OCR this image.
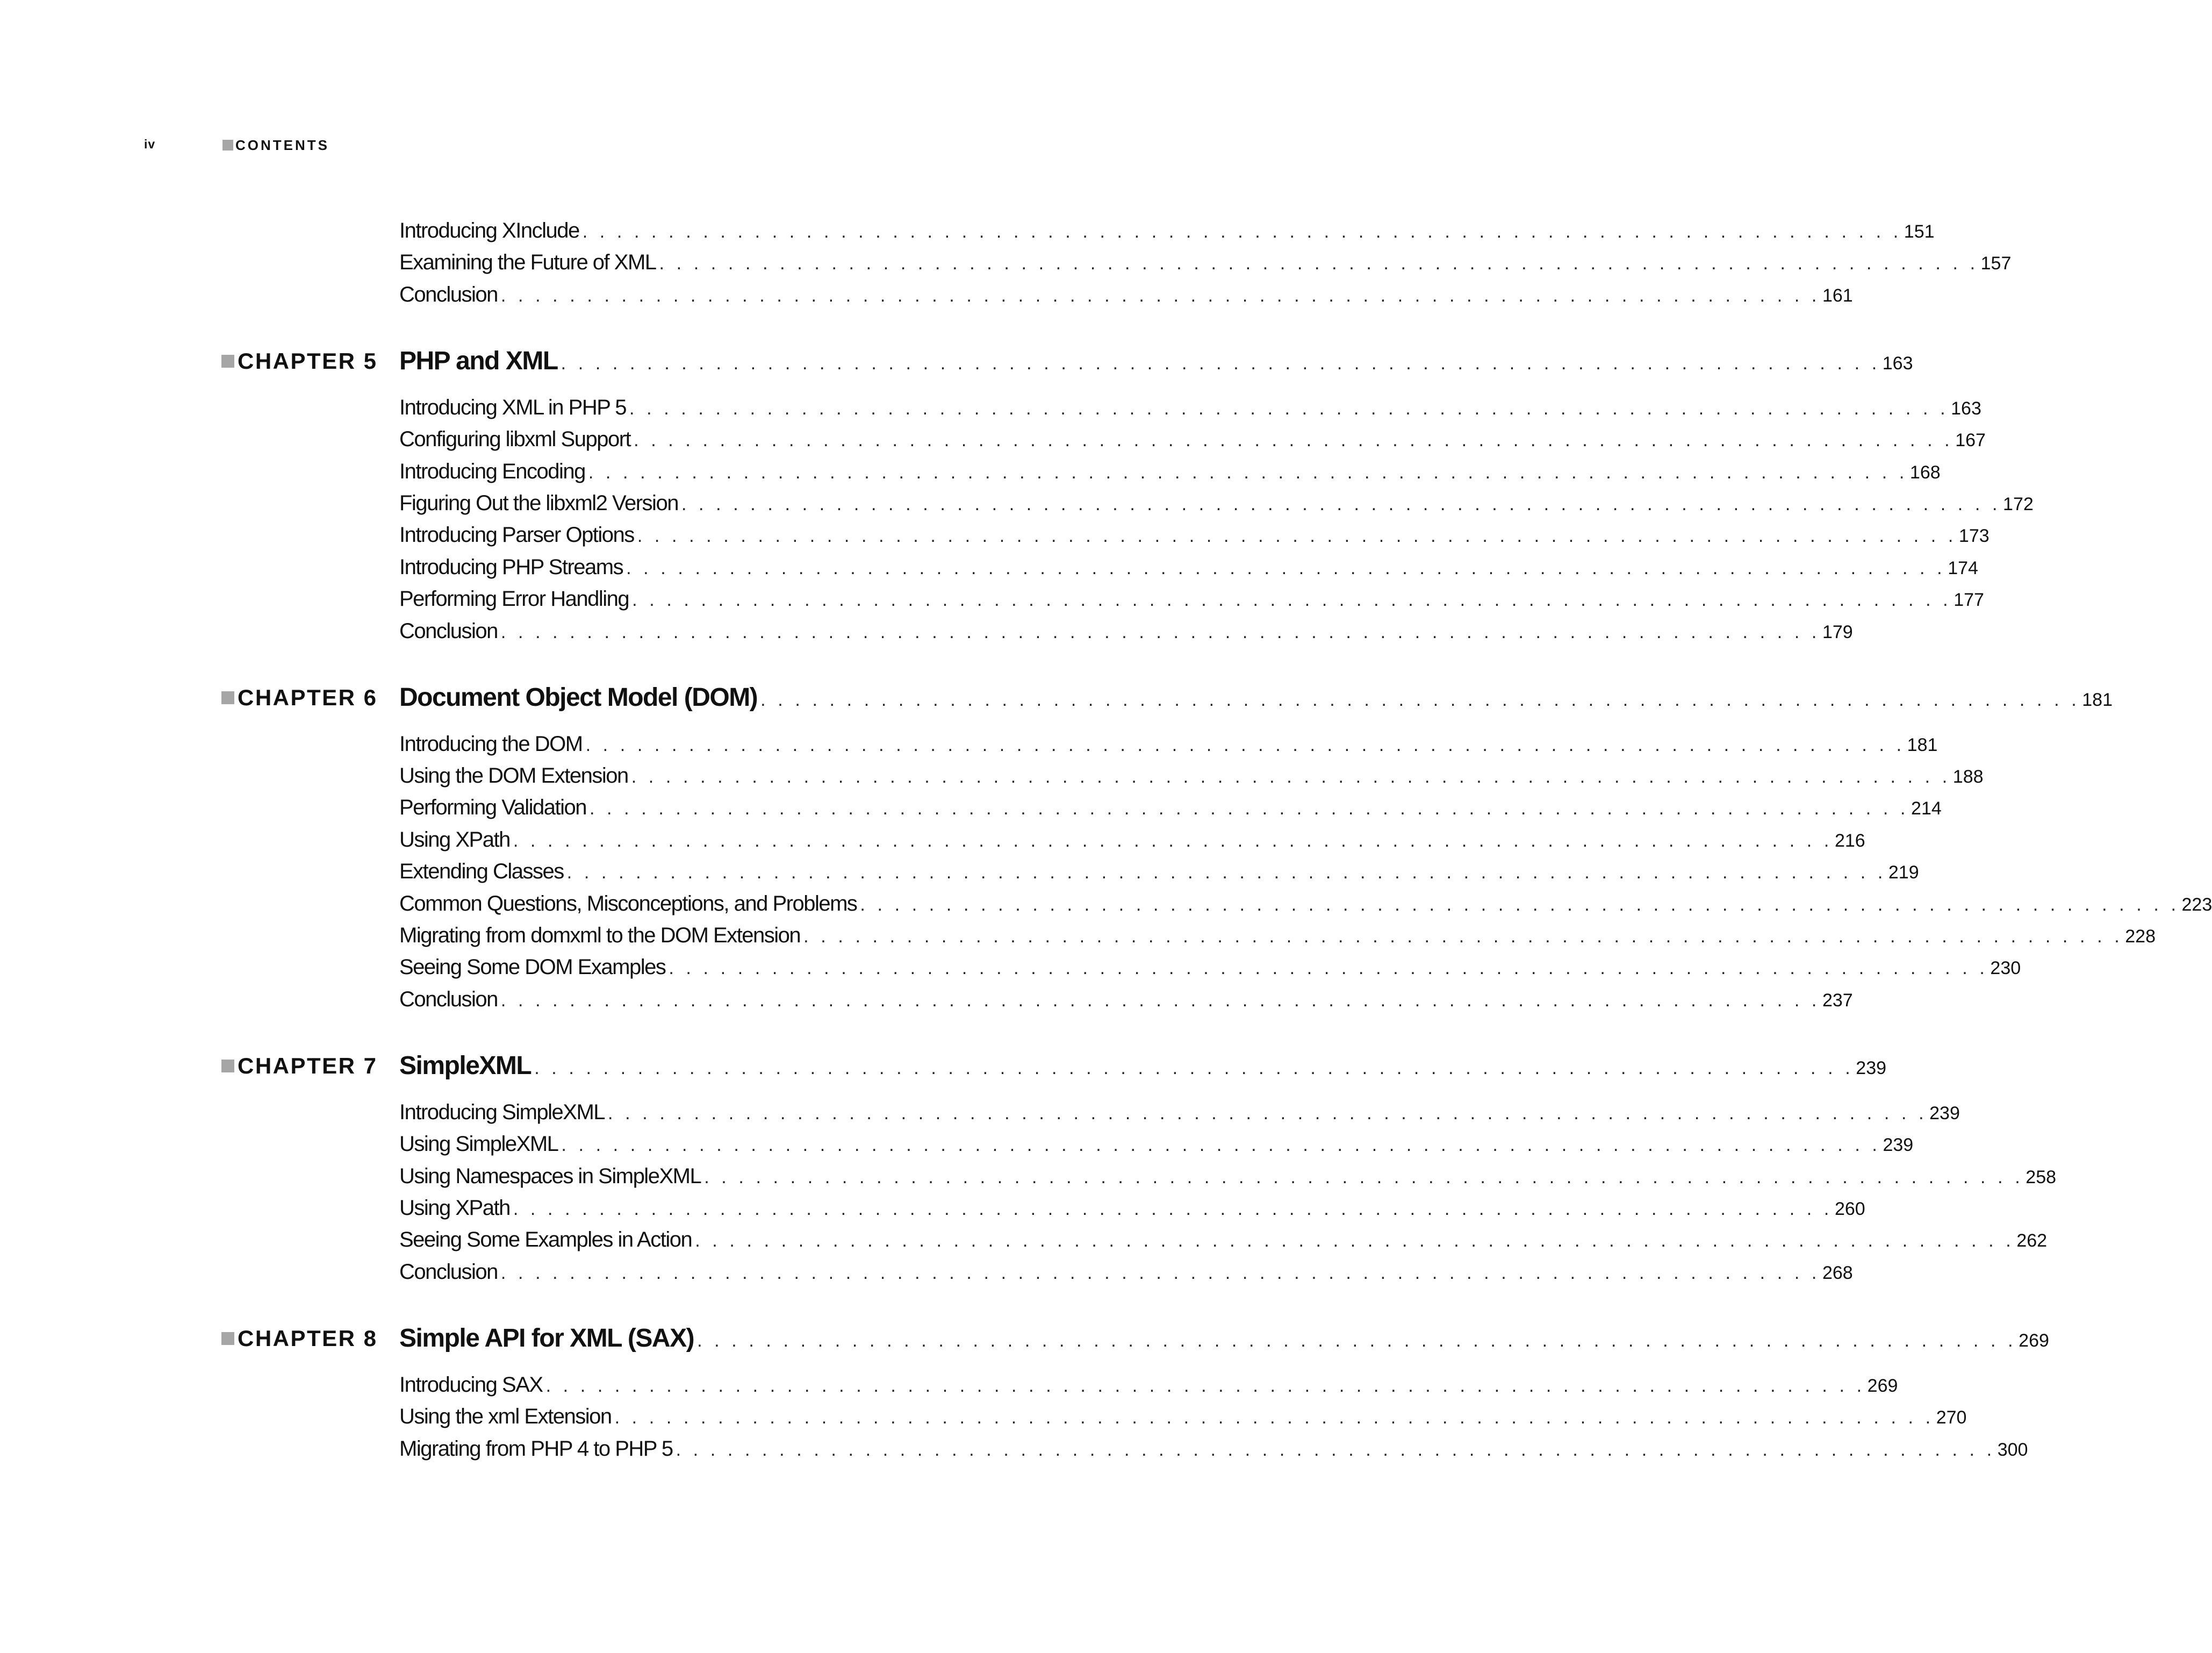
iv	CONTENTS
Introducing XInclude . . . . . . . . . . . . . . . . . . . . . . . . . . . . . . . . . . . . . . . . . . . . . . . . . . . . . . . . . . . . . . . . . . . . . . . . . . . . . 151
Examining the Future of XML . . . . . . . . . . . . . . . . . . . . . . . . . . . . . . . . . . . . . . . . . . . . . . . . . . . . . . . . . . . . . . . . . . . . . . . . . . . . . 157
Conclusion . . . . . . . . . . . . . . . . . . . . . . . . . . . . . . . . . . . . . . . . . . . . . . . . . . . . . . . . . . . . . . . . . . . . . . . . . . . . . 161
CHAPTER 5 PHP and XML . . . . . . . . . . . . . . . . . . . . . . . . . . . . . . . . . . . . . . . . . . . . . . . . . . . . . . . . . . . . . . . . . . . . . . . . . . . . . 163
Introducing XML in PHP 5 . . . . . . . . . . . . . . . . . . . . . . . . . . . . . . . . . . . . . . . . . . . . . . . . . . . . . . . . . . . . . . . . . . . . . . . . . . . . . 163
Configuring libxml Support . . . . . . . . . . . . . . . . . . . . . . . . . . . . . . . . . . . . . . . . . . . . . . . . . . . . . . . . . . . . . . . . . . . . . . . . . . . . . 167
Introducing Encoding . . . . . . . . . . . . . . . . . . . . . . . . . . . . . . . . . . . . . . . . . . . . . . . . . . . . . . . . . . . . . . . . . . . . . . . . . . . . . 168
Figuring Out the libxml2 Version . . . . . . . . . . . . . . . . . . . . . . . . . . . . . . . . . . . . . . . . . . . . . . . . . . . . . . . . . . . . . . . . . . . . . . . . . . . . . 172
Introducing Parser Options . . . . . . . . . . . . . . . . . . . . . . . . . . . . . . . . . . . . . . . . . . . . . . . . . . . . . . . . . . . . . . . . . . . . . . . . . . . . . 173
Introducing PHP Streams . . . . . . . . . . . . . . . . . . . . . . . . . . . . . . . . . . . . . . . . . . . . . . . . . . . . . . . . . . . . . . . . . . . . . . . . . . . . . 174
Performing Error Handling . . . . . . . . . . . . . . . . . . . . . . . . . . . . . . . . . . . . . . . . . . . . . . . . . . . . . . . . . . . . . . . . . . . . . . . . . . . . . 177
Conclusion . . . . . . . . . . . . . . . . . . . . . . . . . . . . . . . . . . . . . . . . . . . . . . . . . . . . . . . . . . . . . . . . . . . . . . . . . . . . . 179
CHAPTER 6 Document Object Model (DOM) . . . . . . . . . . . . . . . . . . . . . . . . . . . . . . . . . . . . . . . . . . . . . . . . . . . . . . . . . . . . . . . . . . . . . . . . . . . . . 181
Introducing the DOM . . . . . . . . . . . . . . . . . . . . . . . . . . . . . . . . . . . . . . . . . . . . . . . . . . . . . . . . . . . . . . . . . . . . . . . . . . . . . 181
Using the DOM Extension . . . . . . . . . . . . . . . . . . . . . . . . . . . . . . . . . . . . . . . . . . . . . . . . . . . . . . . . . . . . . . . . . . . . . . . . . . . . . 188
Performing Validation . . . . . . . . . . . . . . . . . . . . . . . . . . . . . . . . . . . . . . . . . . . . . . . . . . . . . . . . . . . . . . . . . . . . . . . . . . . . . 214
Using XPath . . . . . . . . . . . . . . . . . . . . . . . . . . . . . . . . . . . . . . . . . . . . . . . . . . . . . . . . . . . . . . . . . . . . . . . . . . . . . 216
Extending Classes . . . . . . . . . . . . . . . . . . . . . . . . . . . . . . . . . . . . . . . . . . . . . . . . . . . . . . . . . . . . . . . . . . . . . . . . . . . . . 219
Common Questions, Misconceptions, and Problems . . . . . . . . . . . . . . . . . . . . . . . . . . . . . . . . . . . . . . . . . . . . . . . . . . . . . . . . . . . . . . . . . . . . . . . . . . . . . 223
Migrating from domxml to the DOM Extension . . . . . . . . . . . . . . . . . . . . . . . . . . . . . . . . . . . . . . . . . . . . . . . . . . . . . . . . . . . . . . . . . . . . . . . . . . . . . 228
Seeing Some DOM Examples . . . . . . . . . . . . . . . . . . . . . . . . . . . . . . . . . . . . . . . . . . . . . . . . . . . . . . . . . . . . . . . . . . . . . . . . . . . . . 230
Conclusion . . . . . . . . . . . . . . . . . . . . . . . . . . . . . . . . . . . . . . . . . . . . . . . . . . . . . . . . . . . . . . . . . . . . . . . . . . . . . 237
CHAPTER 7 SimpleXML . . . . . . . . . . . . . . . . . . . . . . . . . . . . . . . . . . . . . . . . . . . . . . . . . . . . . . . . . . . . . . . . . . . . . . . . . . . . . 239
Introducing SimpleXML . . . . . . . . . . . . . . . . . . . . . . . . . . . . . . . . . . . . . . . . . . . . . . . . . . . . . . . . . . . . . . . . . . . . . . . . . . . . . 239
Using SimpleXML . . . . . . . . . . . . . . . . . . . . . . . . . . . . . . . . . . . . . . . . . . . . . . . . . . . . . . . . . . . . . . . . . . . . . . . . . . . . . 239
Using Namespaces in SimpleXML . . . . . . . . . . . . . . . . . . . . . . . . . . . . . . . . . . . . . . . . . . . . . . . . . . . . . . . . . . . . . . . . . . . . . . . . . . . . . 258
Using XPath . . . . . . . . . . . . . . . . . . . . . . . . . . . . . . . . . . . . . . . . . . . . . . . . . . . . . . . . . . . . . . . . . . . . . . . . . . . . . 260
Seeing Some Examples in Action . . . . . . . . . . . . . . . . . . . . . . . . . . . . . . . . . . . . . . . . . . . . . . . . . . . . . . . . . . . . . . . . . . . . . . . . . . . . . 262
Conclusion . . . . . . . . . . . . . . . . . . . . . . . . . . . . . . . . . . . . . . . . . . . . . . . . . . . . . . . . . . . . . . . . . . . . . . . . . . . . . 268
CHAPTER 8 Simple API for XML (SAX) . . . . . . . . . . . . . . . . . . . . . . . . . . . . . . . . . . . . . . . . . . . . . . . . . . . . . . . . . . . . . . . . . . . . . . . . . . . . . 269
Introducing SAX . . . . . . . . . . . . . . . . . . . . . . . . . . . . . . . . . . . . . . . . . . . . . . . . . . . . . . . . . . . . . . . . . . . . . . . . . . . . . 269
Using the xml Extension . . . . . . . . . . . . . . . . . . . . . . . . . . . . . . . . . . . . . . . . . . . . . . . . . . . . . . . . . . . . . . . . . . . . . . . . . . . . . 270
Migrating from PHP 4 to PHP 5 . . . . . . . . . . . . . . . . . . . . . . . . . . . . . . . . . . . . . . . . . . . . . . . . . . . . . . . . . . . . . . . . . . . . . . . . . . . . . 300
